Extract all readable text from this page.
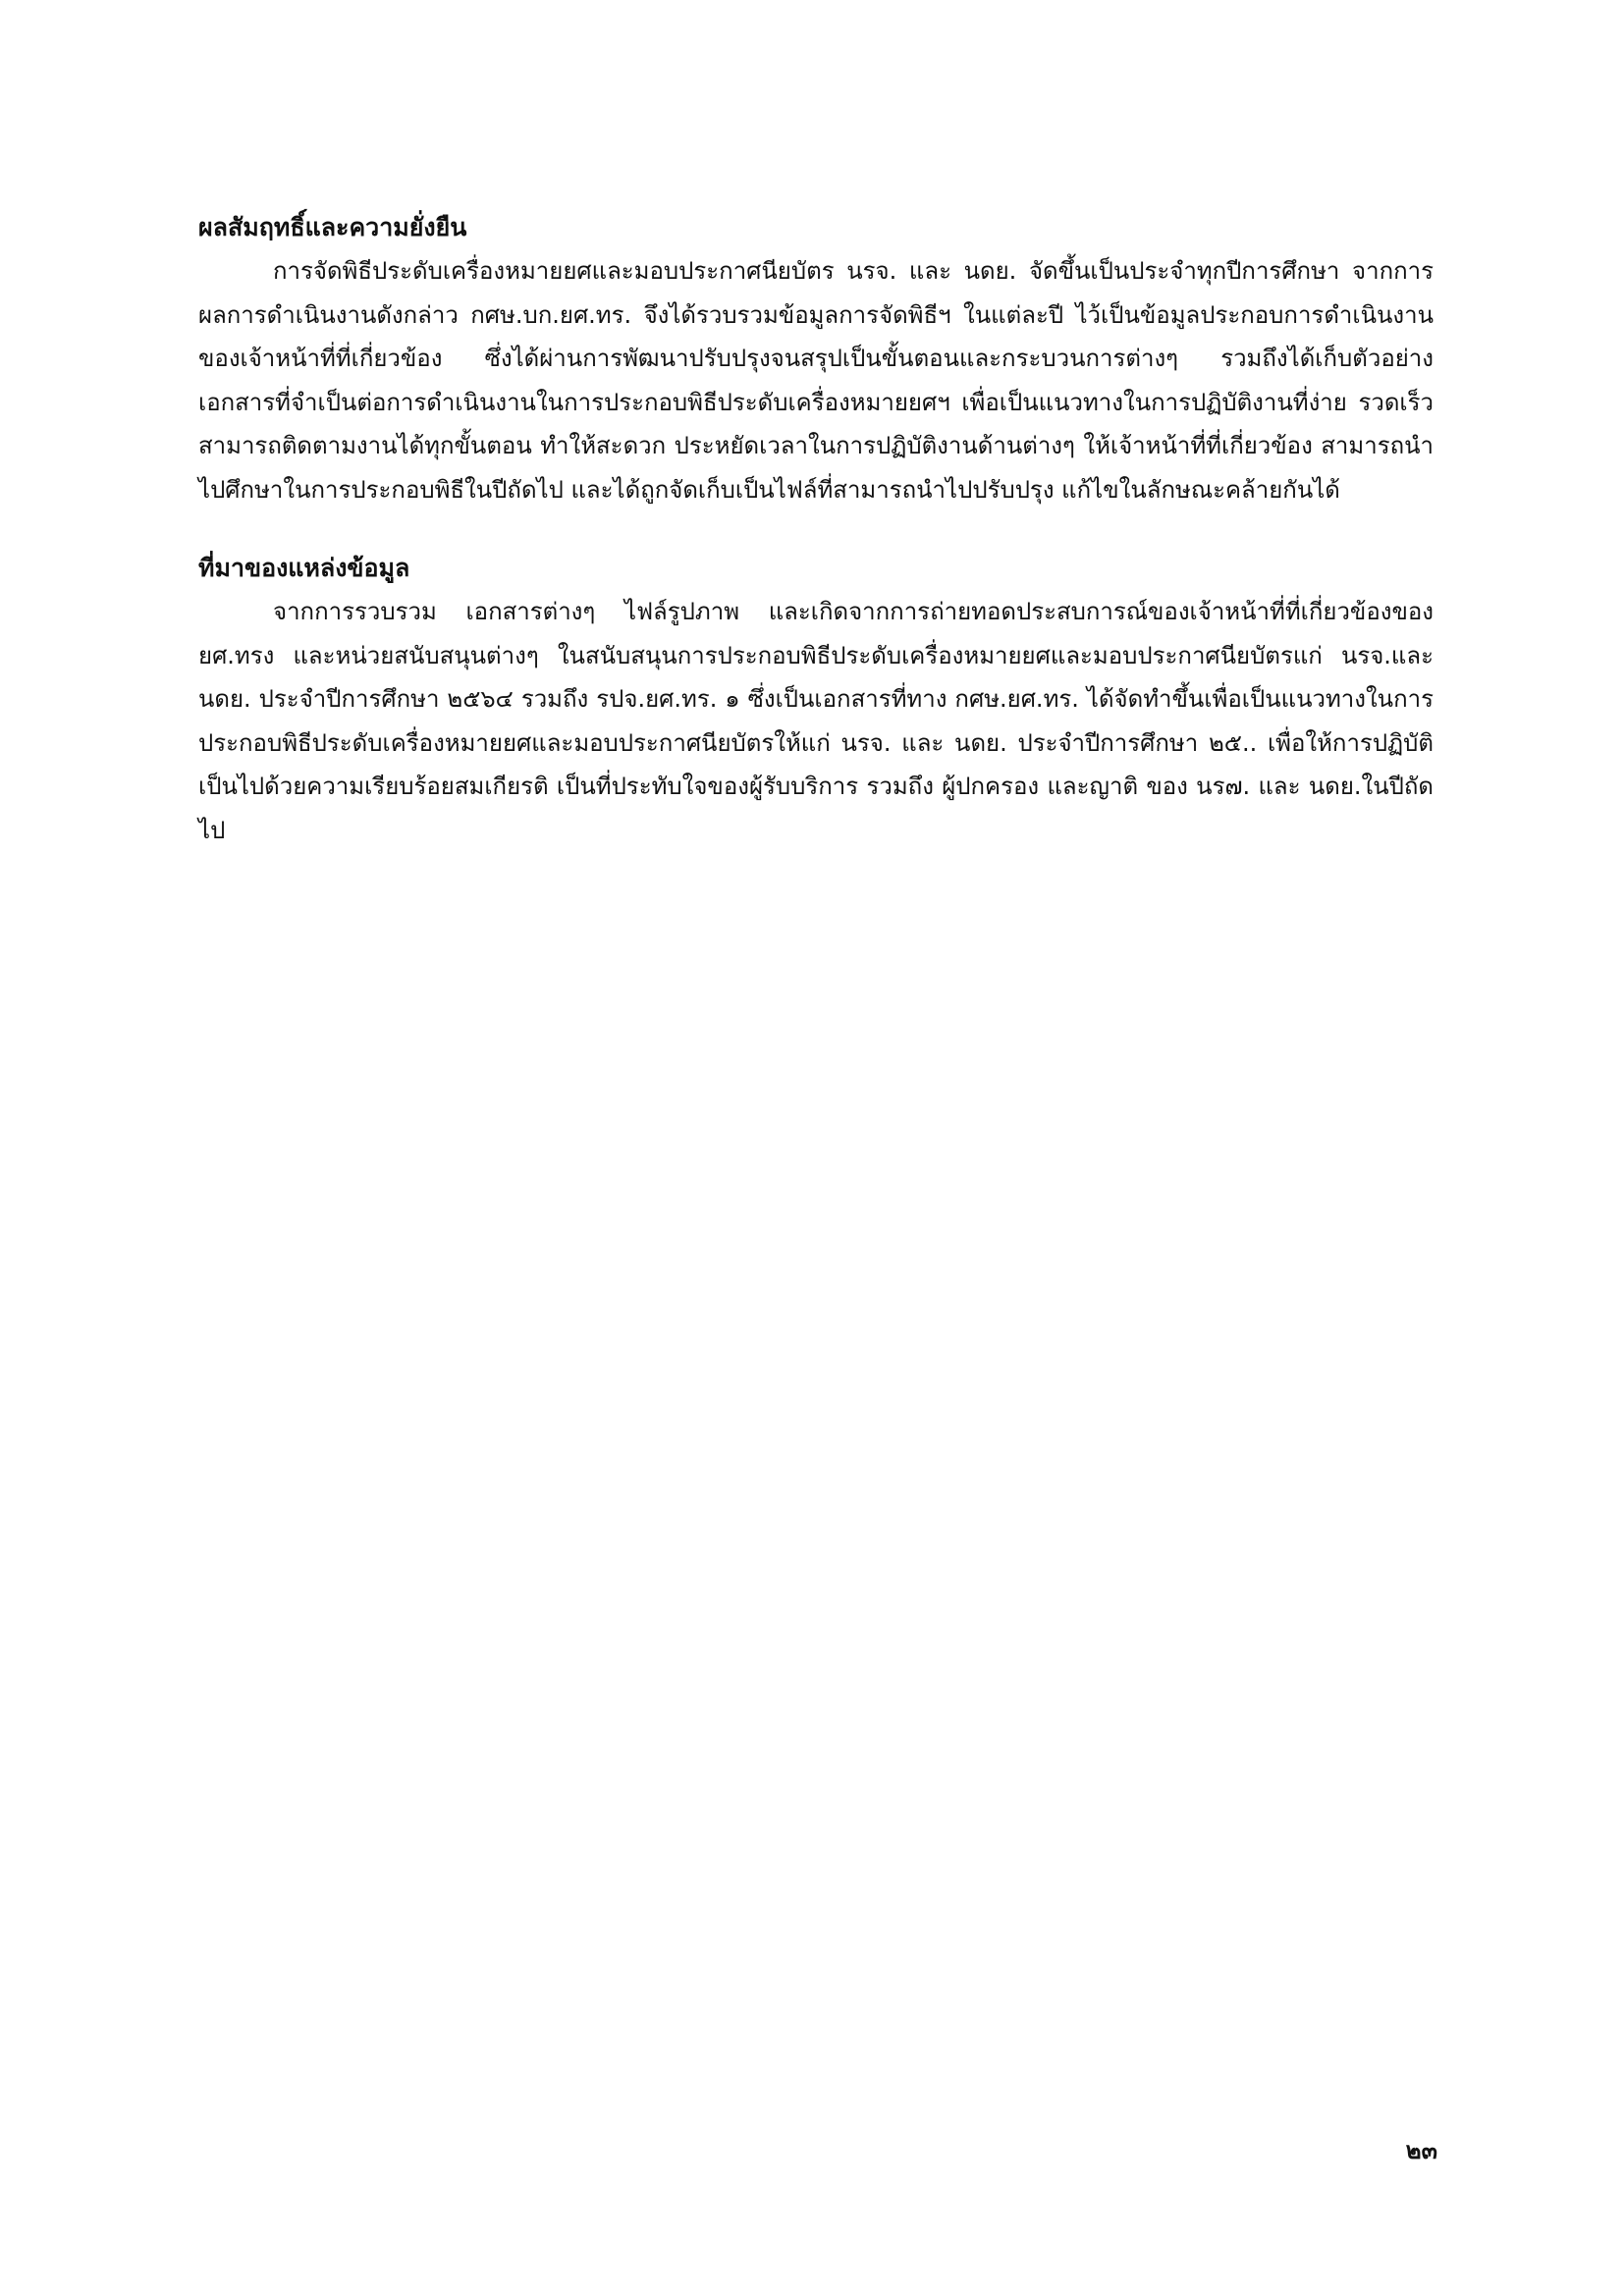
ผลสัมฤทธิ์และความยั่งยืน

การจัดพิธีประดับเครื่องหมายยศและมอบประกาศนียบัตร นรจ. และ นดย. จัดขึ้นเป็นประจำทุกปีการศึกษา จากการผลการดำเนินงานดังกล่าว กศษ.บก.ยศ.ทร. จึงได้รวบรวมข้อมูลการจัดพิธีฯ ในแต่ละปี ไว้เป็นข้อมูลประกอบการดำเนินงานของเจ้าหน้าที่ที่เกี่ยวข้อง ซึ่งได้ผ่านการพัฒนาปรับปรุงจนสรุปเป็นขั้นตอนและกระบวนการต่างๆ รวมถึงได้เก็บตัวอย่างเอกสารที่จำเป็นต่อการดำเนินงานในการประกอบพิธีประดับเครื่องหมายยศฯ เพื่อเป็นแนวทางในการปฏิบัติงานที่ง่าย รวดเร็ว สามารถติดตามงานได้ทุกขั้นตอน ทำให้สะดวก ประหยัดเวลาในการปฏิบัติงานด้านต่างๆ ให้เจ้าหน้าที่ที่เกี่ยวข้อง สามารถนำไปศึกษาในการประกอบพิธีในปีถัดไป และได้ถูกจัดเก็บเป็นไฟล์ที่สามารถนำไปปรับปรุง แก้ไขในลักษณะคล้ายกันได้

ที่มาของแหล่งข้อมูล

จากการรวบรวม เอกสารต่างๆ ไฟล์รูปภาพ และเกิดจากการถ่ายทอดประสบการณ์ของเจ้าหน้าที่ที่เกี่ยวข้องของ ยศ.ทรง และหน่วยสนับสนุนต่างๆ ในสนับสนุนการประกอบพิธีประดับเครื่องหมายยศและมอบประกาศนียบัตรแก่ นรจ.และ นดย. ประจำปีการศึกษา ๒๕๖๔ รวมถึง รปจ.ยศ.ทร. ๑ ซึ่งเป็นเอกสารที่ทาง กศษ.ยศ.ทร. ได้จัดทำขึ้นเพื่อเป็นแนวทางในการประกอบพิธีประดับเครื่องหมายยศและมอบประกาศนียบัตรให้แก่ นรจ. และ นดย. ประจำปีการศึกษา ๒๕.. เพื่อให้การปฏิบัติเป็นไปด้วยความเรียบร้อยสมเกียรติ เป็นที่ประทับใจของผู้รับบริการ รวมถึง ผู้ปกครอง และญาติ ของ นร๗. และ นดย.ในปีถัดไป

๒๓
